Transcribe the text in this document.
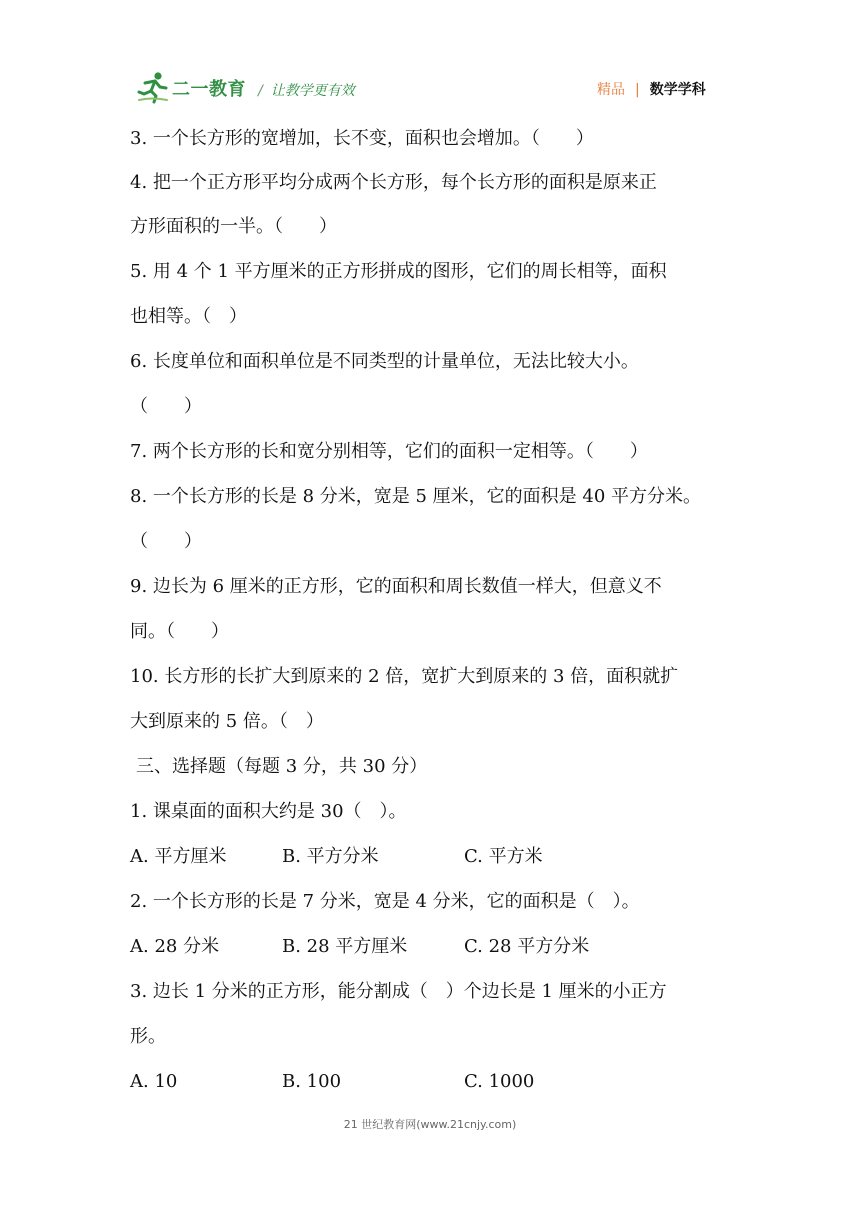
二一教育 / 让教学更有效	精品 | 数学学科
3. 一个长方形的宽增加，长不变，面积也会增加。（　　）
4. 把一个正方形平均分成两个长方形，每个长方形的面积是原来正
方形面积的一半。（　　）
5. 用 4 个 1 平方厘米的正方形拼成的图形，它们的周长相等，面积
也相等。（　）
6. 长度单位和面积单位是不同类型的计量单位，无法比较大小。
（　　）
7. 两个长方形的长和宽分别相等，它们的面积一定相等。（　　）
8. 一个长方形的长是 8 分米，宽是 5 厘米，它的面积是 40 平方分米。
（　　）
9. 边长为 6 厘米的正方形，它的面积和周长数值一样大，但意义不
同。（　　）
10. 长方形的长扩大到原来的 2 倍，宽扩大到原来的 3 倍，面积就扩
大到原来的 5 倍。（　）
三、选择题（每题 3 分，共 30 分）
1. 课桌面的面积大约是 30（　）。
A. 平方厘米	B. 平方分米	C. 平方米
2. 一个长方形的长是 7 分米，宽是 4 分米，它的面积是（　）。
A. 28 分米	B. 28 平方厘米	C. 28 平方分米
3. 边长 1 分米的正方形，能分割成（　）个边长是 1 厘米的小正方
形。
A. 10	B. 100	C. 1000
21 世纪教育网(www.21cnjy.com)
